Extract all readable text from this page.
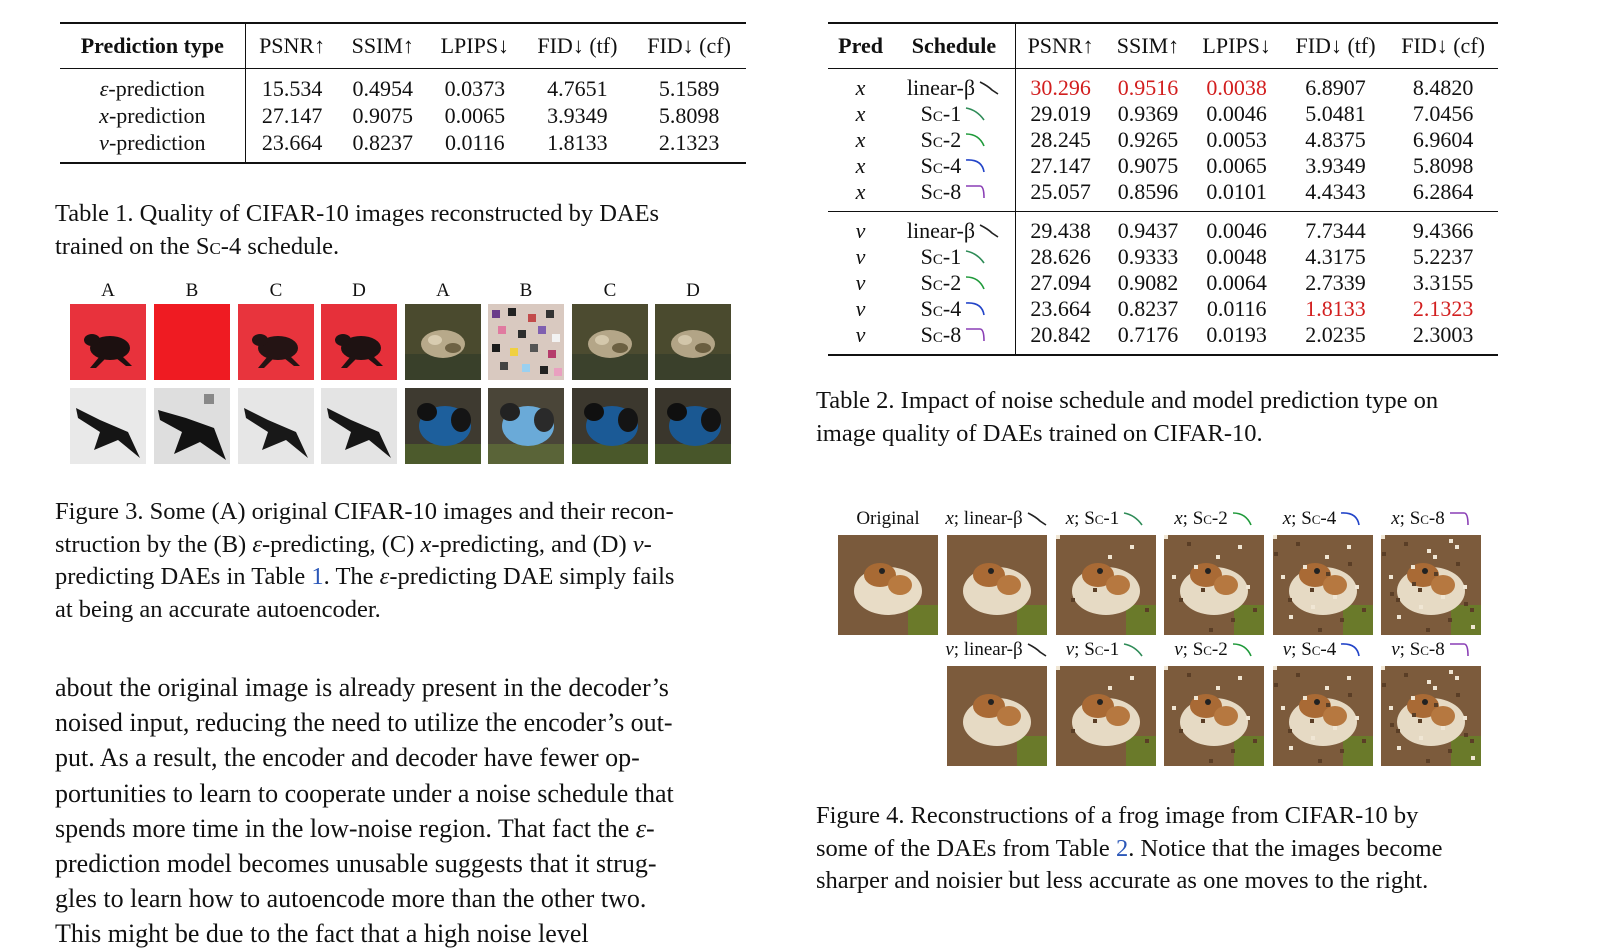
Prediction type	PSNR↑	SSIM↑	LPIPS↓	FID↓ (tf)	FID↓ (cf)
ε-prediction	15.534	0.4954	0.0373	4.7651	5.1589
x-prediction	27.147	0.9075	0.0065	3.9349	5.8098
v-prediction	23.664	0.8237	0.0116	1.8133	2.1323
Table 1. Quality of CIFAR-10 images reconstructed by DAEs
trained on the Sc-4 schedule.
A	B	C	D	A	B	C	D
Figure 3. Some (A) original CIFAR-10 images and their recon-
struction by the (B) ε-predicting, (C) x-predicting, and (D) v-
predicting DAEs in Table 1. The ε-predicting DAE simply fails
at being an accurate autoencoder.
about the original image is already present in the decoder’s
noised input, reducing the need to utilize the encoder’s out-
put. As a result, the encoder and decoder have fewer op-
portunities to learn to cooperate under a noise schedule that
spends more time in the low-noise region. That fact the ε-
prediction model becomes unusable suggests that it strug-
gles to learn how to autoencode more than the other two.
This might be due to the fact that a high noise level
Pred	Schedule	PSNR↑	SSIM↑	LPIPS↓	FID↓ (tf)	FID↓ (cf)
x	linear-β	30.296	0.9516	0.0038	6.8907	8.4820
x	Sc-1	29.019	0.9369	0.0046	5.0481	7.0456
x	Sc-2	28.245	0.9265	0.0053	4.8375	6.9604
x	Sc-4	27.147	0.9075	0.0065	3.9349	5.8098
x	Sc-8	25.057	0.8596	0.0101	4.4343	6.2864
v	linear-β	29.438	0.9437	0.0046	7.7344	9.4366
v	Sc-1	28.626	0.9333	0.0048	4.3175	5.2237
v	Sc-2	27.094	0.9082	0.0064	2.7339	3.3155
v	Sc-4	23.664	0.8237	0.0116	1.8133	2.1323
v	Sc-8	20.842	0.7176	0.0193	2.0235	2.3003
Table 2. Impact of noise schedule and model prediction type on
image quality of DAEs trained on CIFAR-10.
Original	x; linear-β	x; Sc-1	x; Sc-2	x; Sc-4	x; Sc-8
v; linear-β	v; Sc-1	v; Sc-2	v; Sc-4	v; Sc-8
Figure 4. Reconstructions of a frog image from CIFAR-10 by
some of the DAEs from Table 2. Notice that the images become
sharper and noisier but less accurate as one moves to the right.
